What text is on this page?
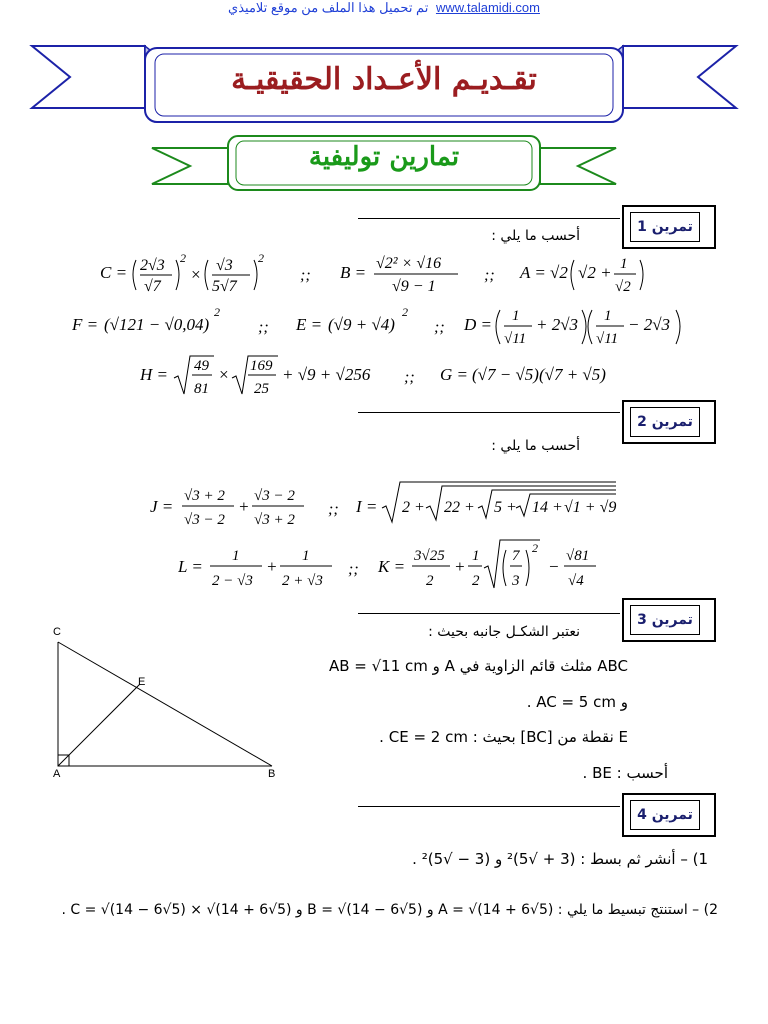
تم تحميل هذا الملف من موقع تلاميذي www.talamidi.com
تقـديـم الأعـداد الحقيقيـة
تمارين توليفية
تمرين 1
أحسب ما يلي :
C = 2√3
√7
2
× √3
5√7
2
;; B = √2² × √16
√9 − 1
;; A = √2 √2 + 1
√2
F = (√121 − √0,04)
2
;; E = (√9 + √4)
2
;; D = 1
√11
+ 2√3 1
√11
− 2√3
H = 49
81
× 169
25
+ √9 + √256 ;; G = (√7 − √5)(√7 + √5)
تمرين 2
أحسب ما يلي :
J =
√3 + 2
√3 − 2
+
√3 − 2
√3 + 2
;; I = 2 + 22 + 5 + 14 + √1 + √9
L =
1
2 − √3
+
1
2 + √3
;; K =
3√25
2
+
1
2
7
3
2
−
√81
√4
تمرين 3
نعتبر الشكـل جانبه بحيث :
C
E
A	B
ABC مثلث قائم الزاوية في A و AB = √11 cm
و AC = 5 cm .
E نقطة من [BC] بحيث : CE = 2 cm .
أحسب : BE .
تمرين 4
1) – أنشر ثم بسط : (3 + √5)² و (3 − √5)² .
2) – استنتج تبسيط ما يلي : A = √(14 + 6√5) و B = √(14 − 6√5) و C = √(14 − 6√5) × √(14 + 6√5) .
